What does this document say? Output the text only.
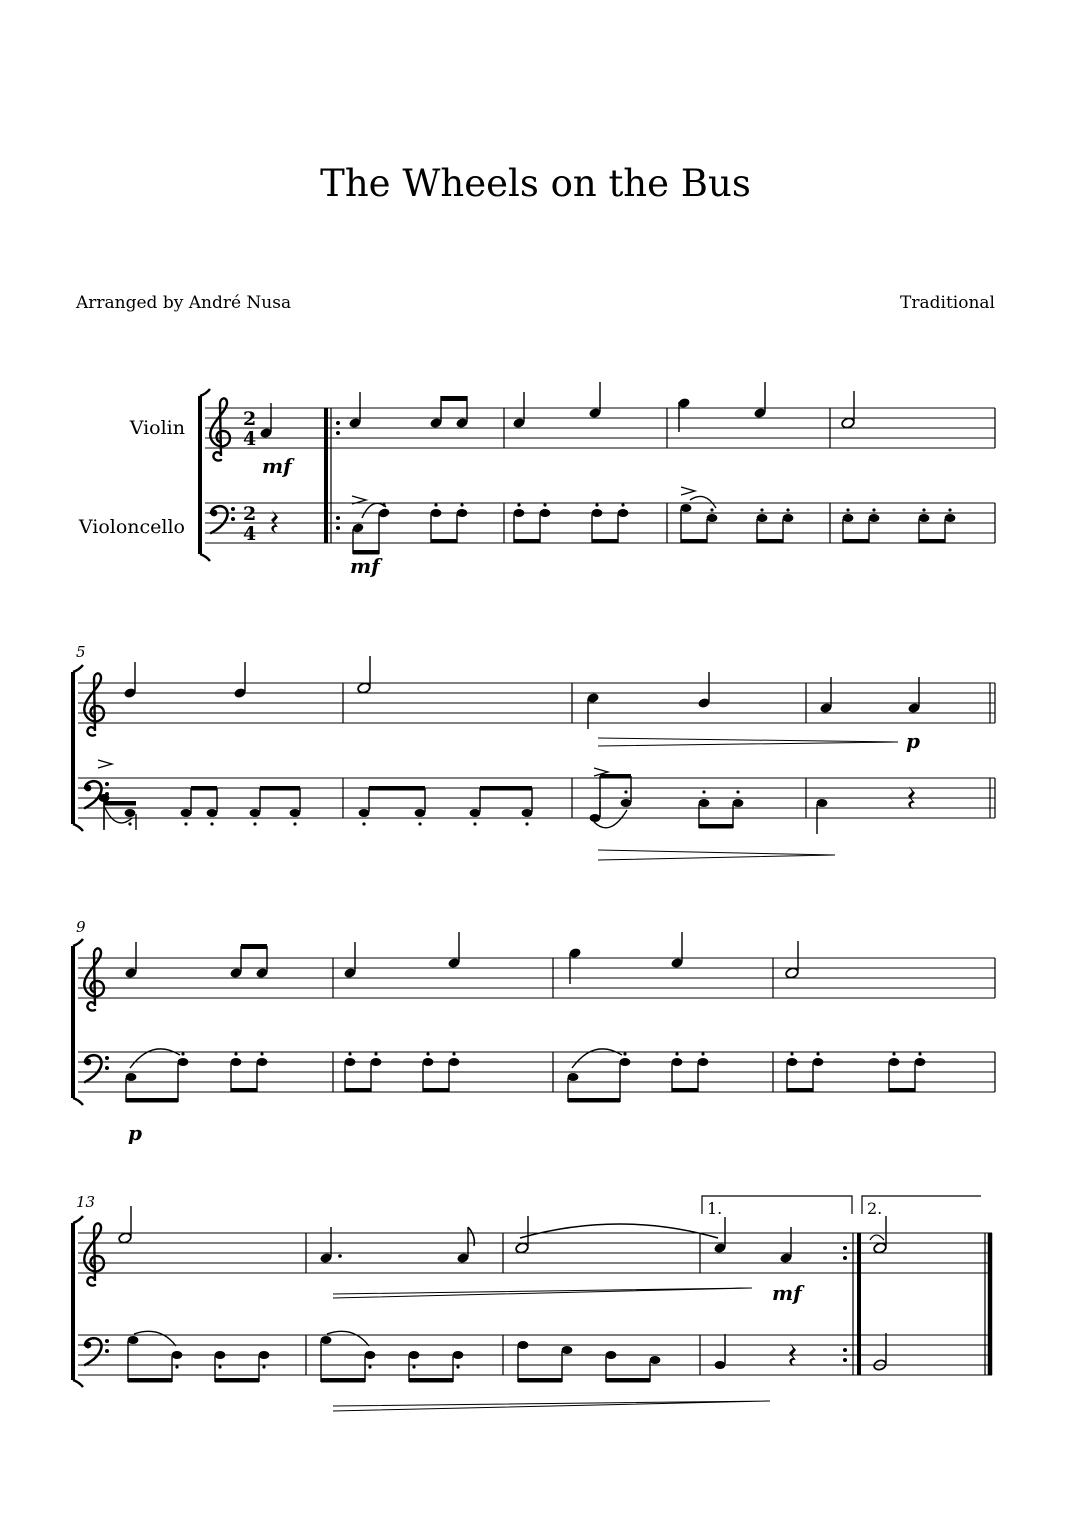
The Wheels on the Bus
Arranged by André Nusa	Traditional
Violin
Violoncello
2
4
2
4
mf
mf
5
p
9
p
13	1.	2.
mf
